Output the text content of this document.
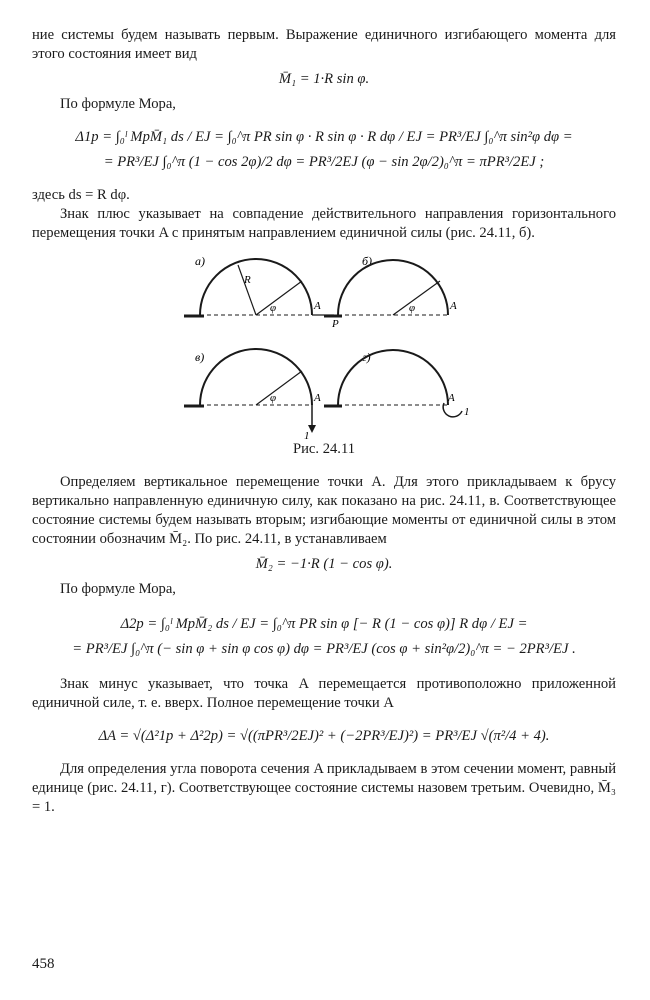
ние системы будем называть первым. Выражение единичного изгибающего момента для этого состояния имеет вид

M̄₁ = 1·R sin φ.

По формуле Мора,

Δ1p = ∫₀ˡ MpM̄₁ ds / EJ = ∫₀^π PR sin φ · R sin φ · R dφ / EJ = PR³/EJ ∫₀^π sin²φ dφ =
= PR³/EJ ∫₀^π (1 − cos 2φ)/2 dφ = PR³/2EJ (φ − sin 2φ/2)₀^π = πPR³/2EJ ;

здесь ds = R dφ.

Знак плюс указывает на совпадение действительного направления горизонтального перемещения точки A с принятым направлением единичной силы (рис. 24.11, б).

а)
R
φ	A
P
б)
φ	A
в)
φ	A
1
г)
A
1
Рис. 24.11

Определяем вертикальное перемещение точки A. Для этого прикладываем к брусу вертикально направленную единичную силу, как показано на рис. 24.11, в. Соответствующее состояние системы будем называть вторым; изгибающие моменты от единичной силы в этом состоянии обозначим M̄₂. По рис. 24.11, в устанавливаем

M̄₂ = −1·R (1 − cos φ).

По формуле Мора,

Δ2p = ∫₀ˡ MpM̄₂ ds / EJ = ∫₀^π PR sin φ [− R (1 − cos φ)] R dφ / EJ =
= PR³/EJ ∫₀^π (− sin φ + sin φ cos φ) dφ = PR³/EJ (cos φ + sin²φ/2)₀^π = − 2PR³/EJ .

Знак минус указывает, что точка A перемещается противоположно приложенной единичной силе, т. е. вверх. Полное перемещение точки A

ΔA = √(Δ²1p + Δ²2p) = √((πPR³/2EJ)² + (−2PR³/EJ)²) = PR³/EJ √(π²/4 + 4).

Для определения угла поворота сечения A прикладываем в этом сечении момент, равный единице (рис. 24.11, г). Соответствующее состояние системы назовем третьим. Очевидно, M̄₃ = 1.

458
